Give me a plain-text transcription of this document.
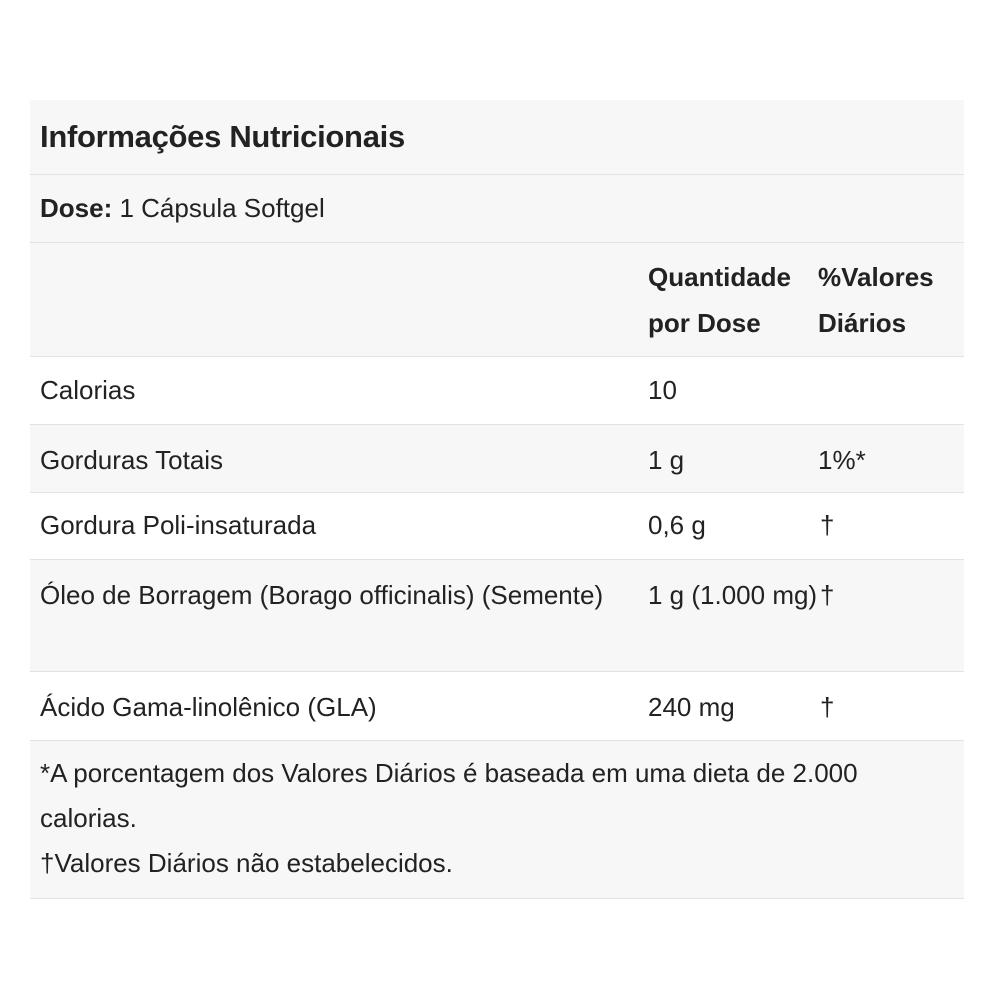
Informações Nutricionais
Dose: 1 Cápsula Softgel
	Quantidade por Dose	%Valores Diários
Calorias	10	
Gorduras Totais	1 g	1%*
Gordura Poli-insaturada	0,6 g	†
Óleo de Borragem (Borago officinalis) (Semente)	1 g (1.000 mg)	†
Ácido Gama-linolênico (GLA)	240 mg	†
*A porcentagem dos Valores Diários é baseada em uma dieta de 2.000 calorias.
†Valores Diários não estabelecidos.
